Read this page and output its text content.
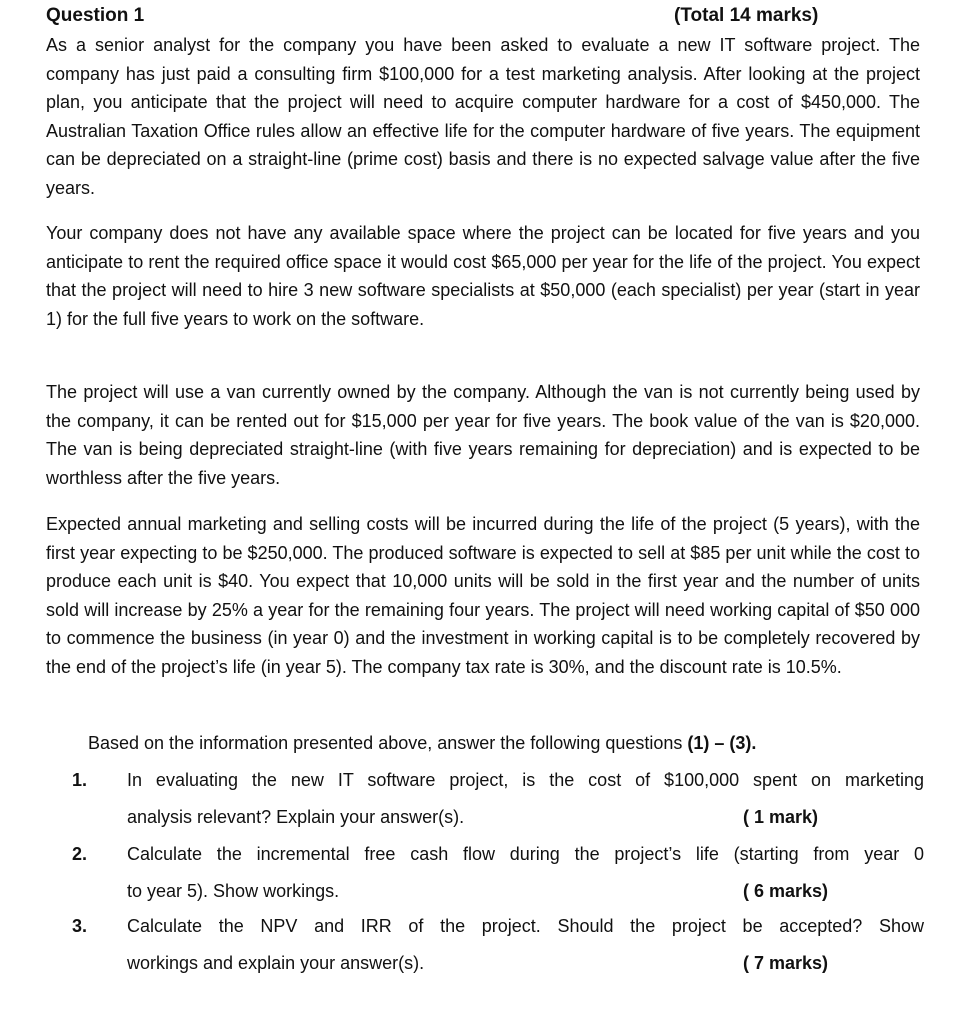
Question 1	(Total 14 marks)

As a senior analyst for the company you have been asked to evaluate a new IT software project. The company has just paid a consulting firm $100,000 for a test marketing analysis. After looking at the project plan, you anticipate that the project will need to acquire computer hardware for a cost of $450,000. The Australian Taxation Office rules allow an effective life for the computer hardware of five years. The equipment can be depreciated on a straight-line (prime cost) basis and there is no expected salvage value after the five years.

Your company does not have any available space where the project can be located for five years and you anticipate to rent the required office space it would cost $65,000 per year for the life of the project. You expect that the project will need to hire 3 new software specialists at $50,000 (each specialist) per year (start in year 1) for the full five years to work on the software.

The project will use a van currently owned by the company. Although the van is not currently being used by the company, it can be rented out for $15,000 per year for five years. The book value of the van is $20,000. The van is being depreciated straight-line (with five years remaining for depreciation) and is expected to be worthless after the five years.

Expected annual marketing and selling costs will be incurred during the life of the project (5 years), with the first year expecting to be $250,000. The produced software is expected to sell at $85 per unit while the cost to produce each unit is $40. You expect that 10,000 units will be sold in the first year and the number of units sold will increase by 25% a year for the remaining four years. The project will need working capital of $50 000 to commence the business (in year 0) and the investment in working capital is to be completely recovered by the end of the project’s life (in year 5). The company tax rate is 30%, and the discount rate is 10.5%.

Based on the information presented above, answer the following questions (1) – (3).
1. In evaluating the new IT software project, is the cost of $100,000 spent on marketing
analysis relevant? Explain your answer(s).	( 1 mark)
2. Calculate the incremental free cash flow during the project’s life (starting from year 0
to year 5). Show workings.	( 6 marks)
3. Calculate the NPV and IRR of the project. Should the project be accepted? Show
workings and explain your answer(s).	( 7 marks)
